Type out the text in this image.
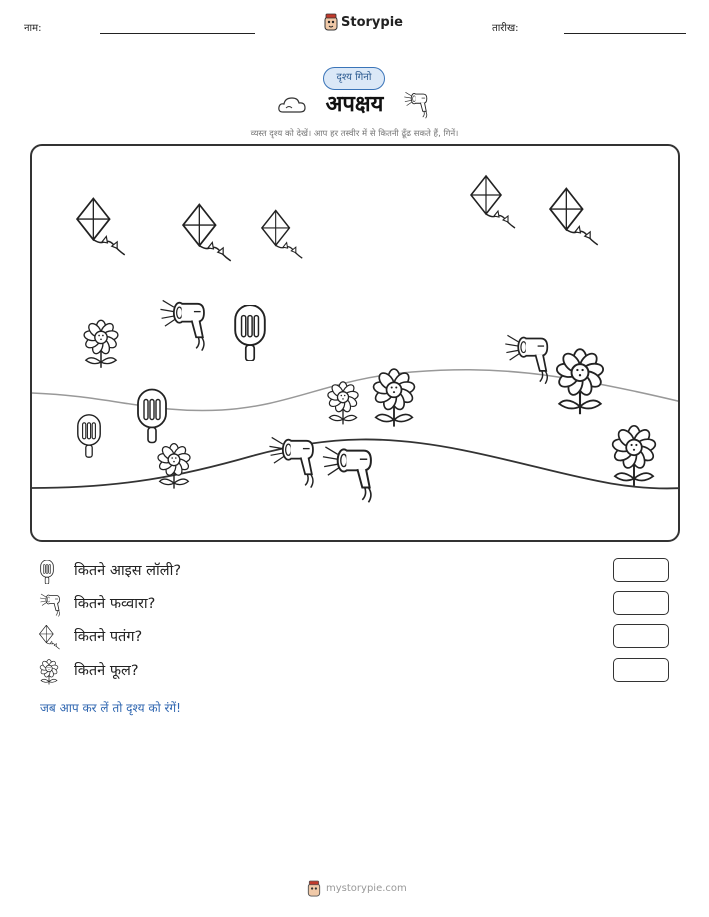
नाम:	Storypie	तारीख:
दृश्य गिनो
अपक्षय
व्यस्त दृश्य को देखें। आप हर तस्वीर में से कितनी ढूँढ सकते हैं, गिनें।
कितने आइस लॉली?
कितने फव्वारा?
कितने पतंग?
कितने फूल?
जब आप कर लें तो दृश्य को रंगें!
mystorypie.com
